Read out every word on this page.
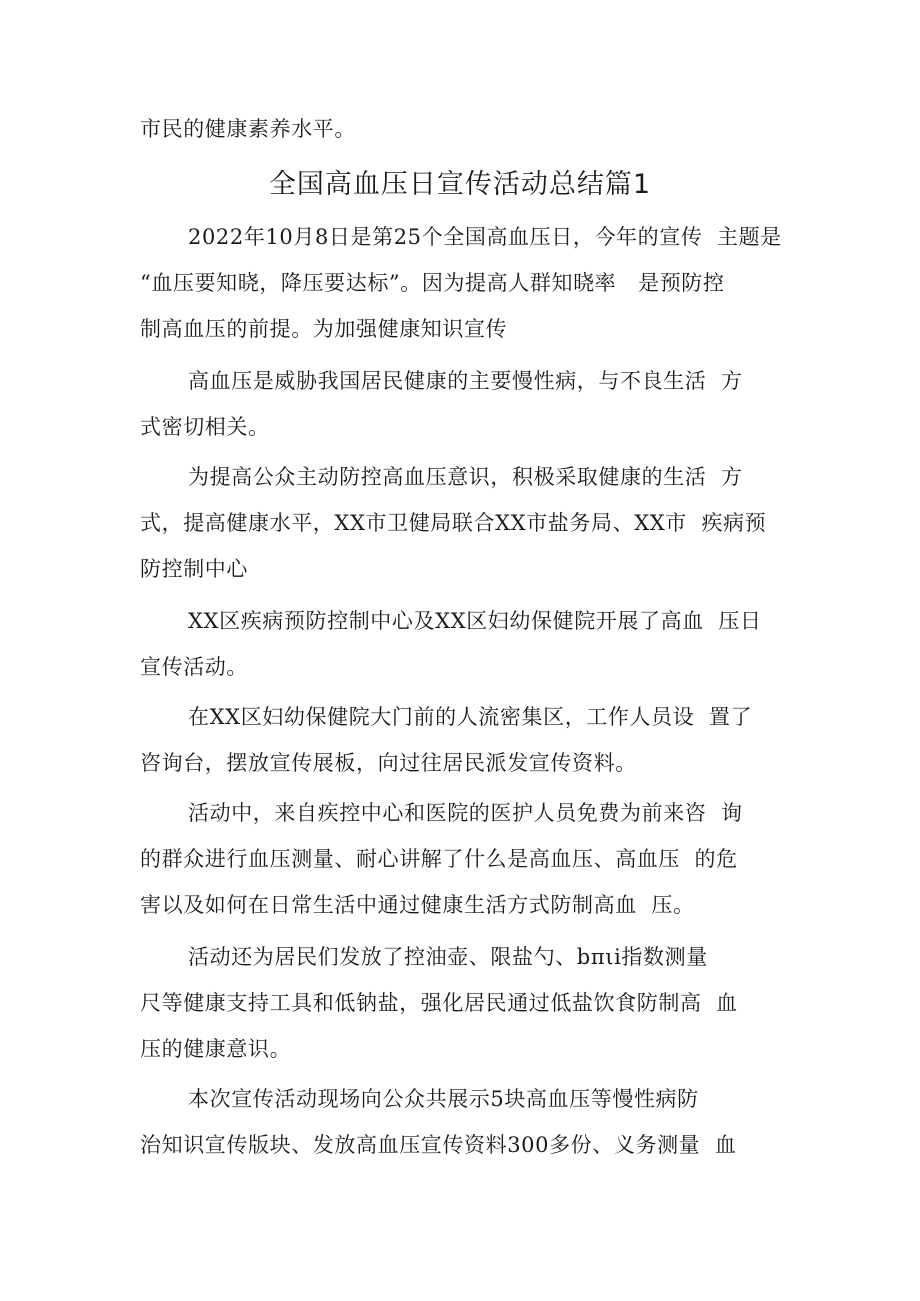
市民的健康素养水平。
全国高血压日宣传活动总结篇1
2022年10月8日是第25个全国高血压日，今年的宣传  主题是
“血压要知晓，降压要达标”。因为提高人群知晓率   是预防控
制高血压的前提。为加强健康知识宣传
高血压是威胁我国居民健康的主要慢性病，与不良生活  方
式密切相关。
为提高公众主动防控高血压意识，积极采取健康的生活  方
式，提高健康水平，XX市卫健局联合XX市盐务局、XX市  疾病预
防控制中心
XX区疾病预防控制中心及XX区妇幼保健院开展了高血  压日
宣传活动。
在XX区妇幼保健院大门前的人流密集区，工作人员设  置了
咨询台，摆放宣传展板，向过往居民派发宣传资料。
活动中，来自疾控中心和医院的医护人员免费为前来咨  询
的群众进行血压测量、耐心讲解了什么是高血压、高血压  的危
害以及如何在日常生活中通过健康生活方式防制高血  压。
活动还为居民们发放了控油壶、限盐勺、bπιi指数测量
尺等健康支持工具和低钠盐，强化居民通过低盐饮食防制高  血
压的健康意识。
本次宣传活动现场向公众共展示5块高血压等慢性病防
治知识宣传版块、发放高血压宣传资料300多份、义务测量  血
